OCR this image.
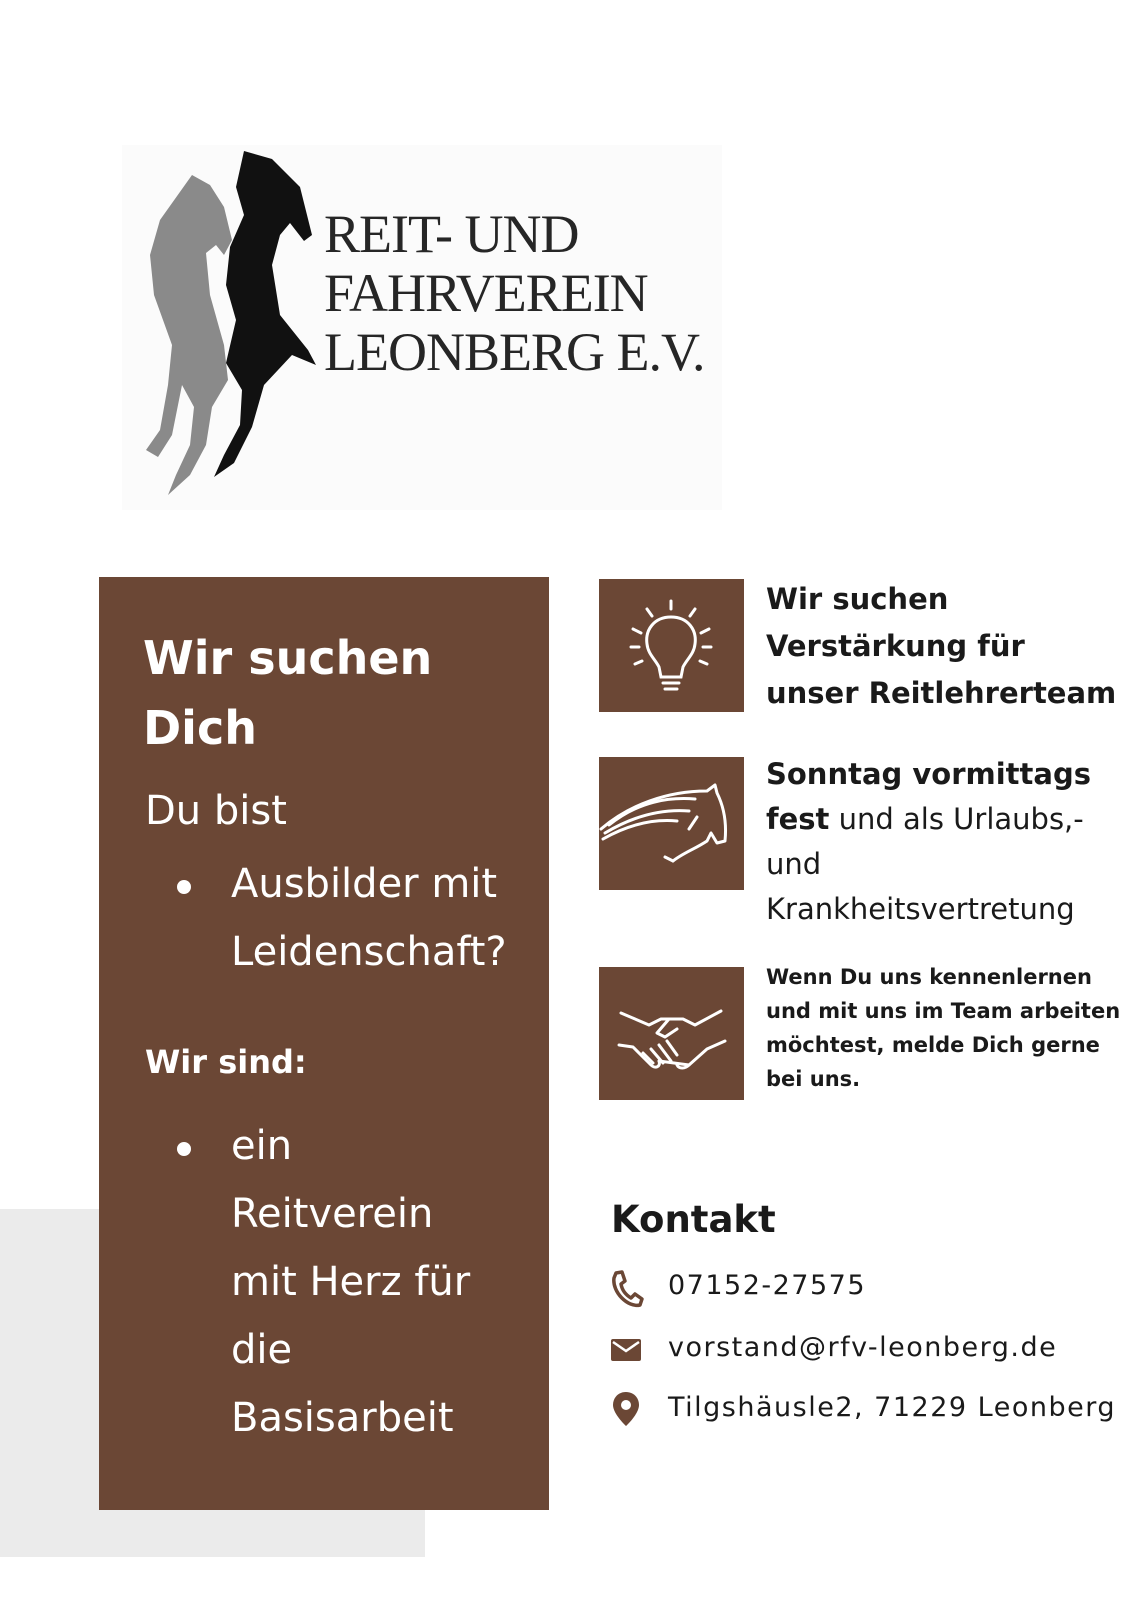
REIT- UND
FAHRVEREIN
LEONBERG E.V.
Wir suchen
Dich
Du bist
Ausbilder mit
Leidenschaft?
Wir sind:
ein
Reitverein
mit Herz für
die
Basisarbeit
Wir suchen
Verstärkung für
unser Reitlehrerteam
Sonntag vormittags
fest und als Urlaubs,-
und
Krankheitsvertretung
Wenn Du uns kennenlernen
und mit uns im Team arbeiten
möchtest, melde Dich gerne
bei uns.
Kontakt
07152-27575
vorstand@rfv-leonberg.de
Tilgshäusle2, 71229 Leonberg
